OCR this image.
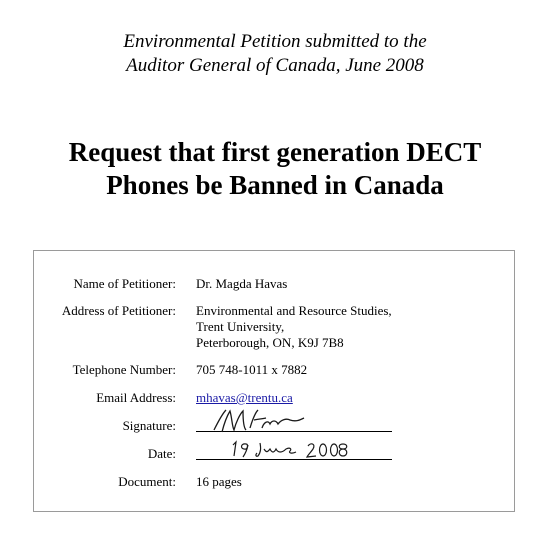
Environmental Petition submitted to the
Auditor General of Canada, June 2008
Request that first generation DECT
Phones be Banned in Canada
Name of Petitioner: Dr. Magda Havas
Address of Petitioner: Environmental and Resource Studies,
Trent University,
Peterborough, ON, K9J 7B8
Telephone Number: 705 748-1011 x 7882
Email Address: mhavas@trentu.ca
Signature:
Date:
Document: 16 pages
